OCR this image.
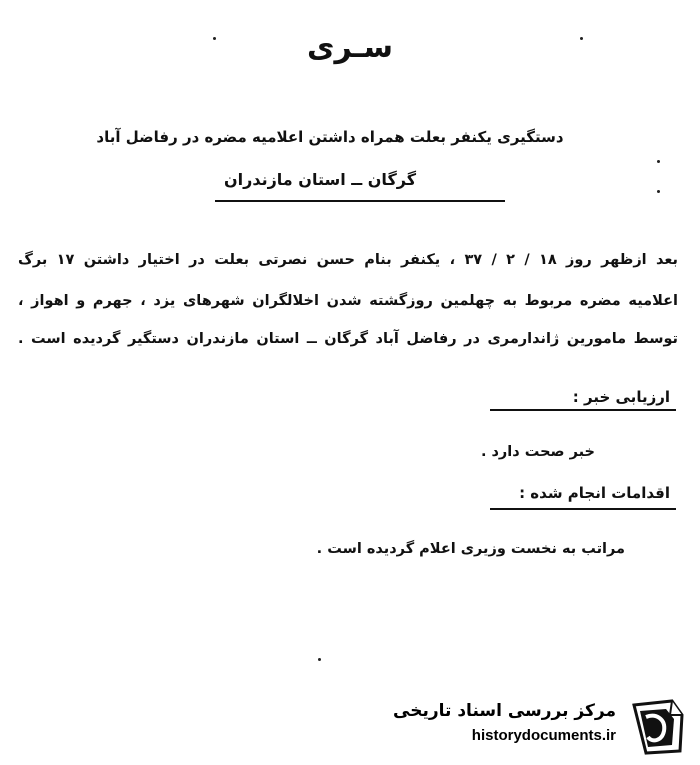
سـرى
دستگیری یکنفر بعلت همراه داشتن اعلامیه مضره در رفاضل آباد
گرگان ــ استان مازندران
بعد ازظهر روز ۱۸ / ۲ / ۳۷ ، یکنفر بنام حسن نصرتی بعلت در اختیار داشتن ۱۷ برگ
اعلامیه مضره مربوط به چهلمین روزگشته شدن اخلالگران شهرهای یزد ، جهرم و اهواز ،
توسط مامورین ژاندارمری در رفاضل آباد گرگان ــ استان مازندران دستگیر گردیده است .
ارزیابی خبر :
خبر صحت دارد .
اقدامات انجام شده :
مراتب به نخست وزیری اعلام گردیده است .
مرکز بررسی اسناد تاریخی
historydocuments.ir
